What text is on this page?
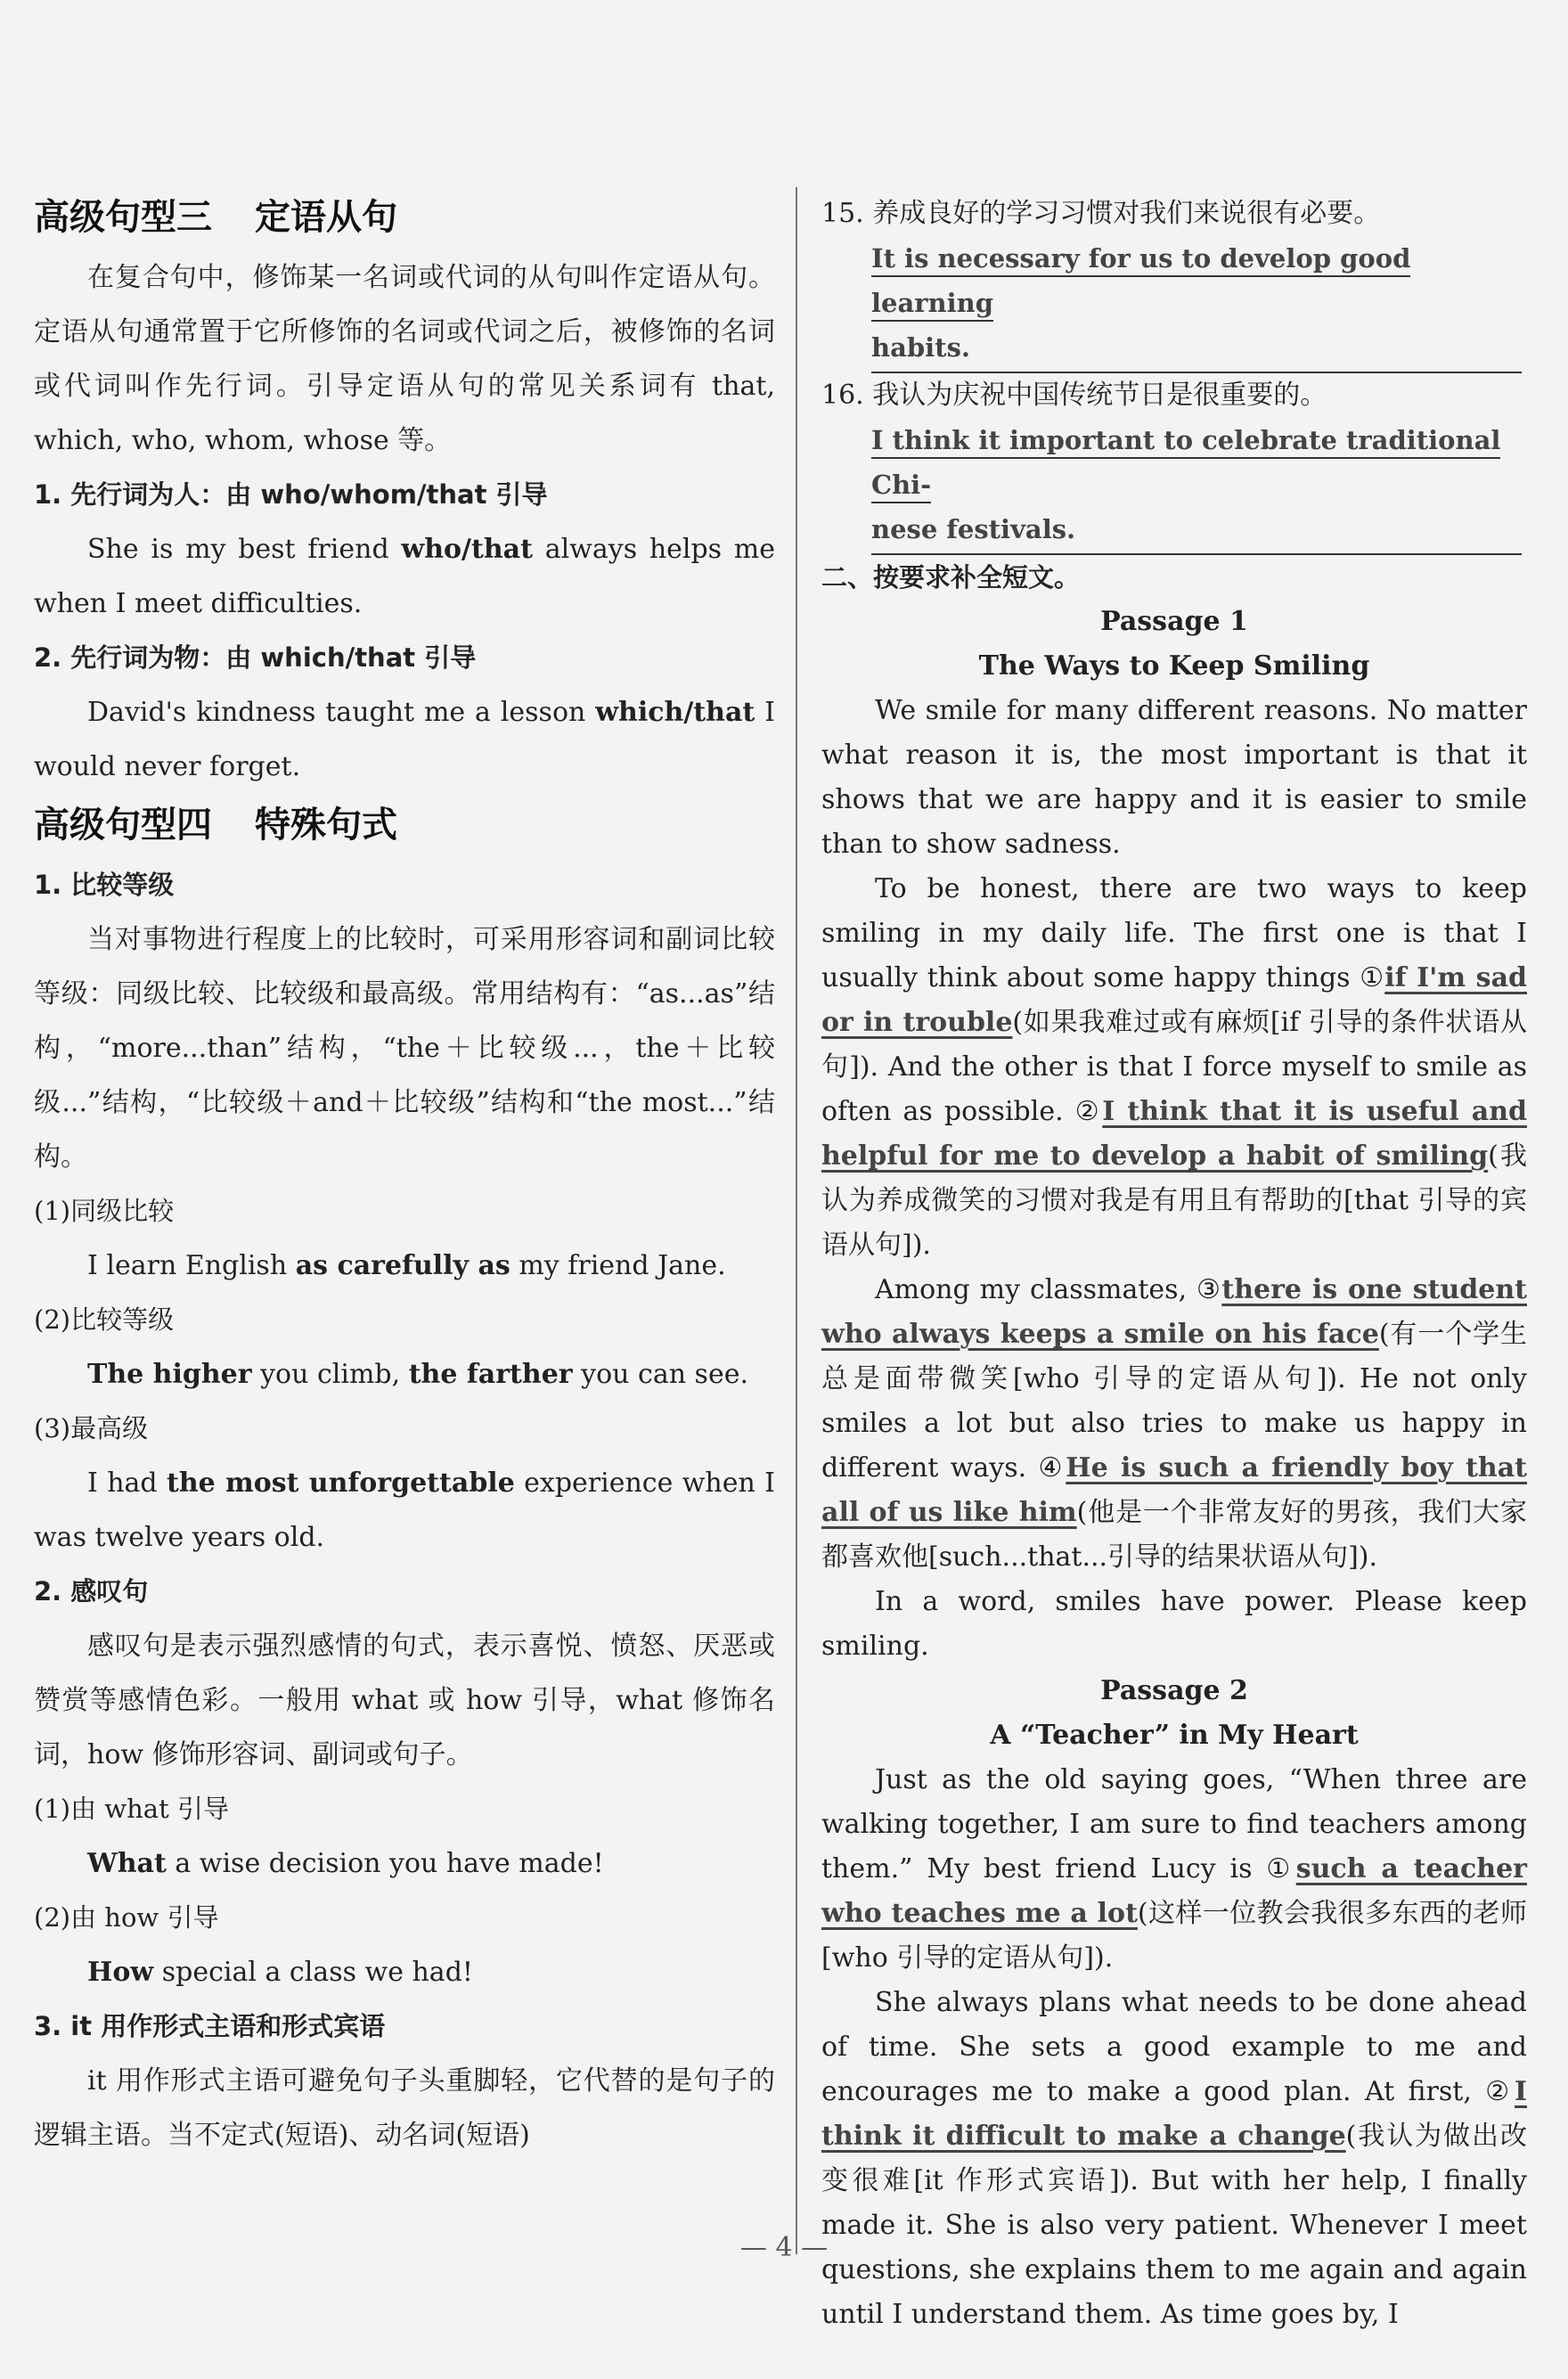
高级句型三 定语从句

在复合句中，修饰某一名词或代词的从句叫作定语从句。定语从句通常置于它所修饰的名词或代词之后，被修饰的名词或代词叫作先行词。引导定语从句的常见关系词有 that, which, who, whom, whose 等。

1. 先行词为人：由 who/whom/that 引导

She is my best friend who/that always helps me when I meet difficulties.

2. 先行词为物：由 which/that 引导

David's kindness taught me a lesson which/that I would never forget.

高级句型四 特殊句式

1. 比较等级

当对事物进行程度上的比较时，可采用形容词和副词比较等级：同级比较、比较级和最高级。常用结构有：“as...as”结构，“more...than”结构，“the＋比较级...，the＋比较级...”结构，“比较级＋and＋比较级”结构和“the most...”结构。

(1)同级比较

I learn English as carefully as my friend Jane.

(2)比较等级

The higher you climb, the farther you can see.

(3)最高级

I had the most unforgettable experience when I was twelve years old.

2. 感叹句

感叹句是表示强烈感情的句式，表示喜悦、愤怒、厌恶或赞赏等感情色彩。一般用 what 或 how 引导，what 修饰名词，how 修饰形容词、副词或句子。

(1)由 what 引导

What a wise decision you have made!

(2)由 how 引导

How special a class we had!

3. it 用作形式主语和形式宾语

it 用作形式主语可避免句子头重脚轻，它代替的是句子的逻辑主语。当不定式(短语)、动名词(短语)

15. 养成良好的学习习惯对我们来说很有必要。

It is necessary for us to develop good learning

habits.

16. 我认为庆祝中国传统节日是很重要的。

I think it important to celebrate traditional Chi-

nese festivals.

二、按要求补全短文。

Passage 1

The Ways to Keep Smiling

We smile for many different reasons. No matter what reason it is, the most important is that it shows that we are happy and it is easier to smile than to show sadness.

To be honest, there are two ways to keep smiling in my daily life. The first one is that I usually think about some happy things ①if I'm sad or in trouble(如果我难过或有麻烦[if 引导的条件状语从句]). And the other is that I force myself to smile as often as possible. ②I think that it is useful and helpful for me to develop a habit of smiling(我认为养成微笑的习惯对我是有用且有帮助的[that 引导的宾语从句]).

Among my classmates, ③there is one student who always keeps a smile on his face(有一个学生总是面带微笑[who 引导的定语从句]). He not only smiles a lot but also tries to make us happy in different ways. ④He is such a friendly boy that all of us like him(他是一个非常友好的男孩，我们大家都喜欢他[such...that...引导的结果状语从句]).

In a word, smiles have power. Please keep smiling.

Passage 2

A “Teacher” in My Heart

Just as the old saying goes, “When three are walking together, I am sure to find teachers among them.” My best friend Lucy is ①such a teacher who teaches me a lot(这样一位教会我很多东西的老师[who 引导的定语从句]).

She always plans what needs to be done ahead of time. She sets a good example to me and encourages me to make a good plan. At first, ②I think it difficult to make a change(我认为做出改变很难[it 作形式宾语]). But with her help, I finally made it. She is also very patient. Whenever I meet questions, she explains them to me again and again until I understand them. As time goes by, I

— 4 —
